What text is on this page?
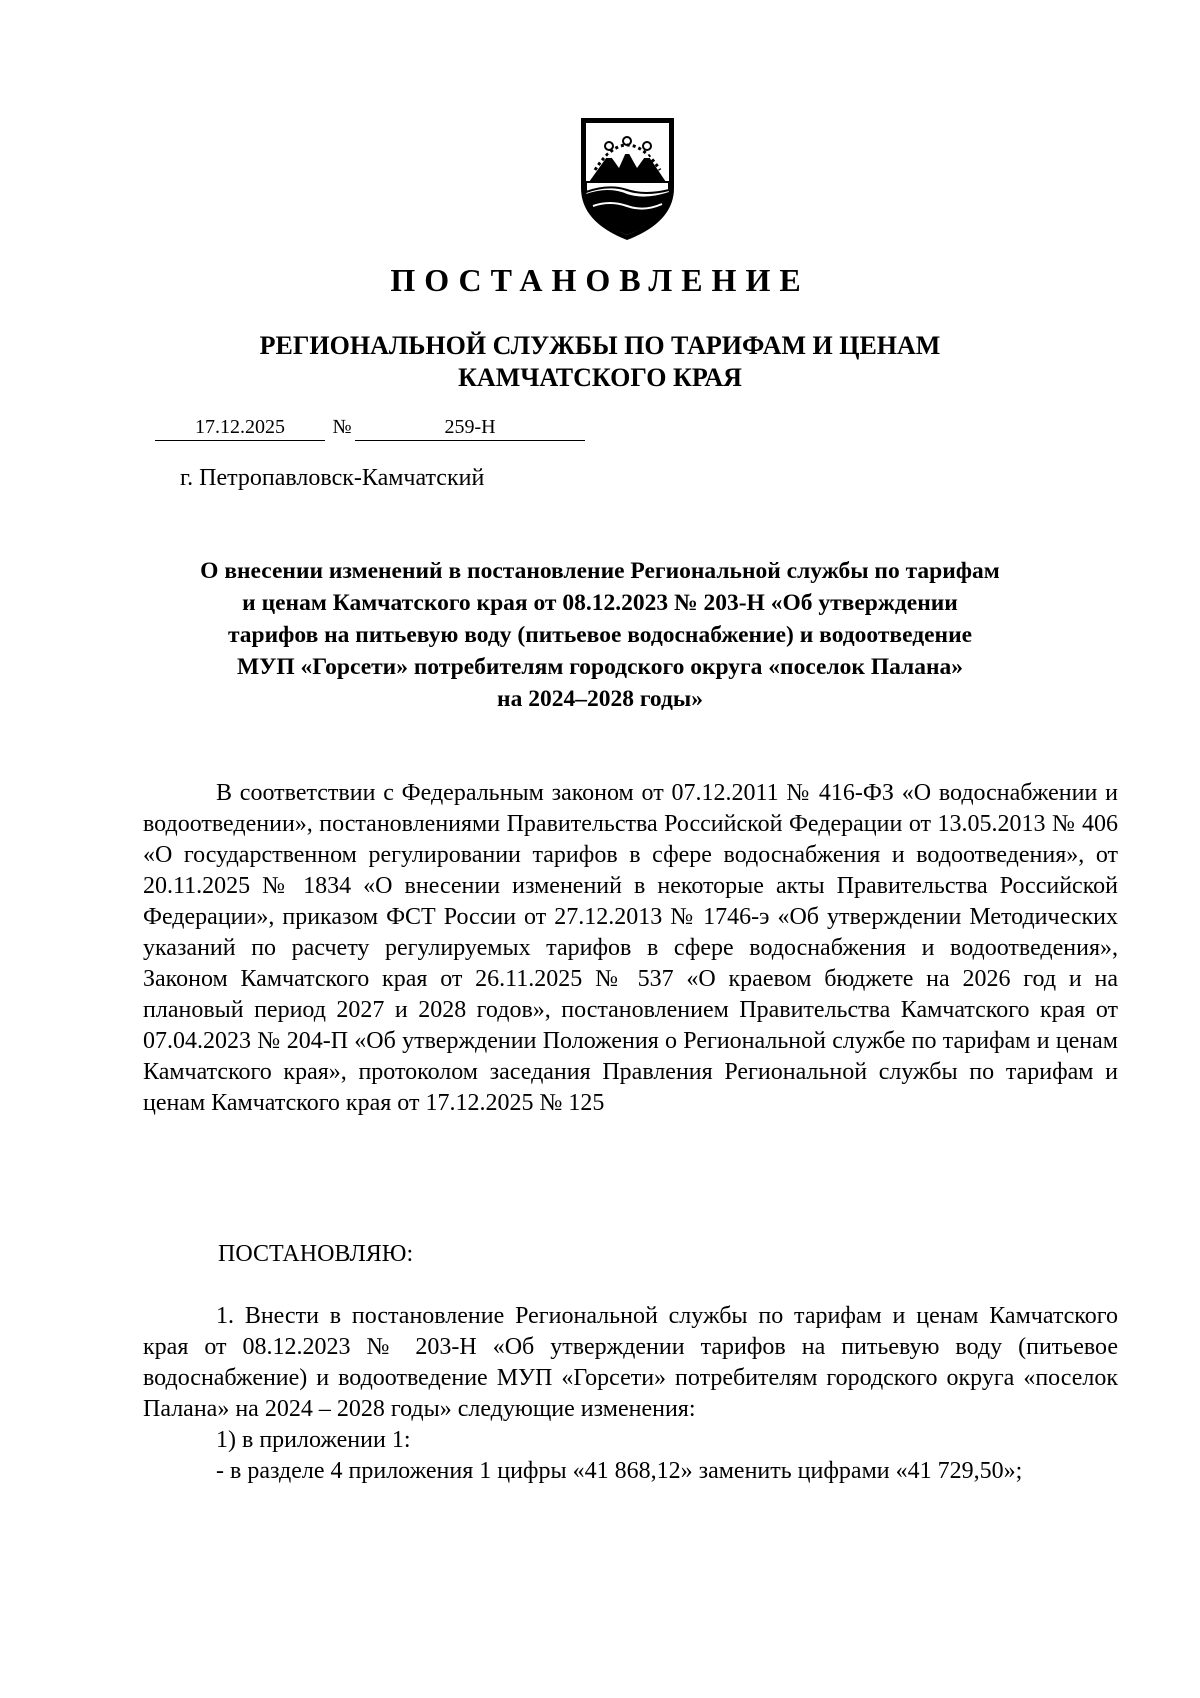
ПОСТАНОВЛЕНИЕ
РЕГИОНАЛЬНОЙ СЛУЖБЫ ПО ТАРИФАМ И ЦЕНАМ
КАМЧАТСКОГО КРАЯ
17.12.2025	№	259-Н
г. Петропавловск-Камчатский
О внесении изменений в постановление Региональной службы по тарифам
и ценам Камчатского края от 08.12.2023 № 203-Н «Об утверждении
тарифов на питьевую воду (питьевое водоснабжение) и водоотведение
МУП «Горсети» потребителям городского округа «поселок Палана»
на 2024–2028 годы»

В соответствии с Федеральным законом от 07.12.2011 № 416-ФЗ «О водоснабжении и водоотведении», постановлениями Правительства Российской Федерации от 13.05.2013 № 406 «О государственном регулировании тарифов в сфере водоснабжения и водоотведения», от 20.11.2025 № 1834 «О внесении изменений в некоторые акты Правительства Российской Федерации», приказом ФСТ России от 27.12.2013 № 1746-э «Об утверждении Методических указаний по расчету регулируемых тарифов в сфере водоснабжения и водоотведения», Законом Камчатского края от 26.11.2025 № 537 «О краевом бюджете на 2026 год и на плановый период 2027 и 2028 годов», постановлением Правительства Камчатского края от 07.04.2023 № 204-П «Об утверждении Положения о Региональной службе по тарифам и ценам Камчатского края», протоколом заседания Правления Региональной службы по тарифам и ценам Камчатского края от 17.12.2025 № 125

ПОСТАНОВЛЯЮ:

1. Внести в постановление Региональной службы по тарифам и ценам Камчатского края от 08.12.2023 № 203-Н «Об утверждении тарифов на питьевую воду (питьевое водоснабжение) и водоотведение МУП «Горсети» потребителям городского округа «поселок Палана» на 2024 – 2028 годы» следующие изменения:

1) в приложении 1:

- в разделе 4 приложения 1 цифры «41 868,12» заменить цифрами «41 729,50»;
